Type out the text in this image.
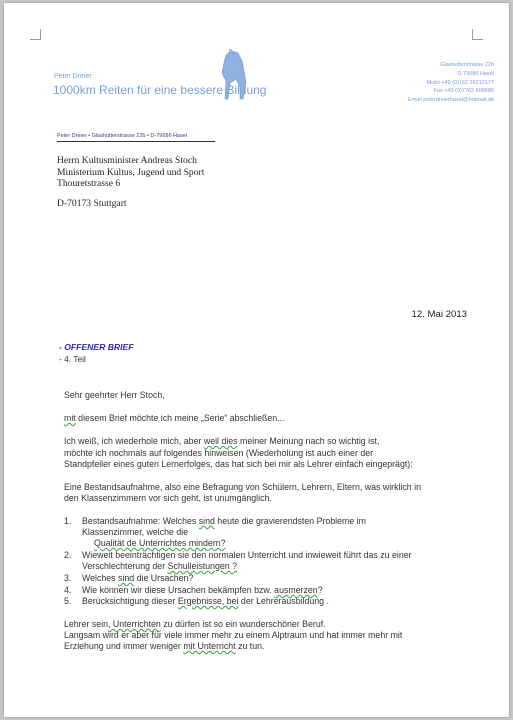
Peter Dreier
1000km Reiten für eine bessere Bildung
Glashutterstrasse 22b
D-79686 Hasel
Mobil +49 (0)162 26212177
Fax +49 (0)7762 808686
Email peterdreierhasel@hotmail.de
Peter Dreier • Glashütterstrasse 22b • D-79686 Hasel
Herrn Kultusminister Andreas Stoch
Ministerium Kultus, Jugend und Sport
Thouretstrasse 6
D-70173 Stuttgart
12. Mai 2013
- OFFENER BRIEF
- 4. Teil
Sehr geehrter Herr Stoch,
mit diesem Brief möchte ich meine „Serie“ abschließen...
Ich weiß, ich wiederhole mich, aber weil dies meiner Meinung nach so wichtig ist,
möchte ich nochmals auf folgendes hinweisen (Wiederholung ist auch einer der
Standpfeiler eines guten Lernerfolges, das hat sich bei mir als Lehrer einfach eingeprägt):
Eine Bestandsaufnahme, also eine Befragung von Schülern, Lehrern, Eltern, was wirklich in
den Klassenzimmern vor sich geht, ist unumgänglich.
1. Bestandsaufnahme: Welches sind heute die gravierendsten Probleme im
Klassenzimmer, welche die
Qualität de Unterrichtes mindern?
2. Wieweit beeinträchtigen sie den normalen Unterricht und inwieweit führt das zu einer
Verschlechterung der Schulleistungen ?
3. Welches sind die Ursachen?
4. Wie können wir diese Ursachen bekämpfen bzw. ausmerzen?
5. Berücksichtigung dieser Ergebnisse, bei der Lehrerausbildung .
Lehrer sein, Unterrichten zu dürfen ist so ein wunderschöner Beruf.
Langsam wird er aber für viele immer mehr zu einem Alptraum und hat immer mehr mit
Erziehung und immer weniger mit Unterricht zu tun.
